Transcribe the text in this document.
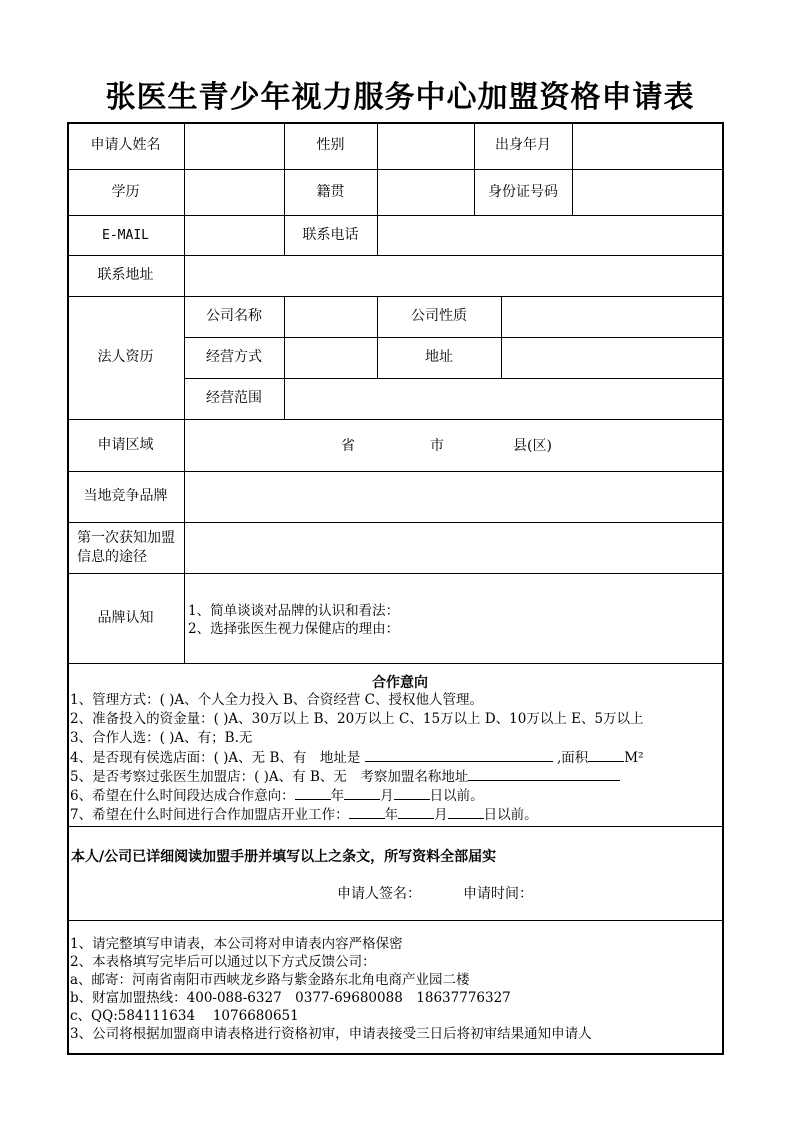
张医生青少年视力服务中心加盟资格申请表
申请人姓名	性别	出身年月
学历	籍贯	身份证号码
E-MAIL	联系电话
联系地址
法人资历
公司名称	公司性质
经营方式	地址
经营范围
申请区域	省	市	县(区)
当地竞争品牌
第一次获知加盟信息的途径
品牌认知	1、简单谈谈对品牌的认识和看法：
2、选择张医生视力保健店的理由：
合作意向
1、管理方式：( )A、个人全力投入 B、合资经营 C、授权他人管理。
2、准备投入的资金量：( )A、30万以上 B、20万以上 C、15万以上 D、10万以上 E、5万以上
3、合作人选：( )A、有；B.无
4、是否现有侯选店面：( )A、无 B、有　地址是	,面积	M²
5、是否考察过张医生加盟店：( )A、有 B、无　考察加盟名称地址
6、希望在什么时间段达成合作意向：	年	月	日以前。
7、希望在什么时间进行合作加盟店开业工作：	年	月	日以前。
本人/公司已详细阅读加盟手册并填写以上之条文，所写资料全部届实
申请人签名：	申请时间：
1、请完整填写申请表，本公司将对申请表内容严格保密
2、本表格填写完毕后可以通过以下方式反馈公司：
a、邮寄：河南省南阳市西峡龙乡路与紫金路东北角电商产业园二楼
b、财富加盟热线：400-088-6327　0377-69680088　18637776327
c、QQ:584111634　 1076680651
3、公司将根据加盟商申请表格进行资格初审，申请表接受三日后将初审结果通知申请人
